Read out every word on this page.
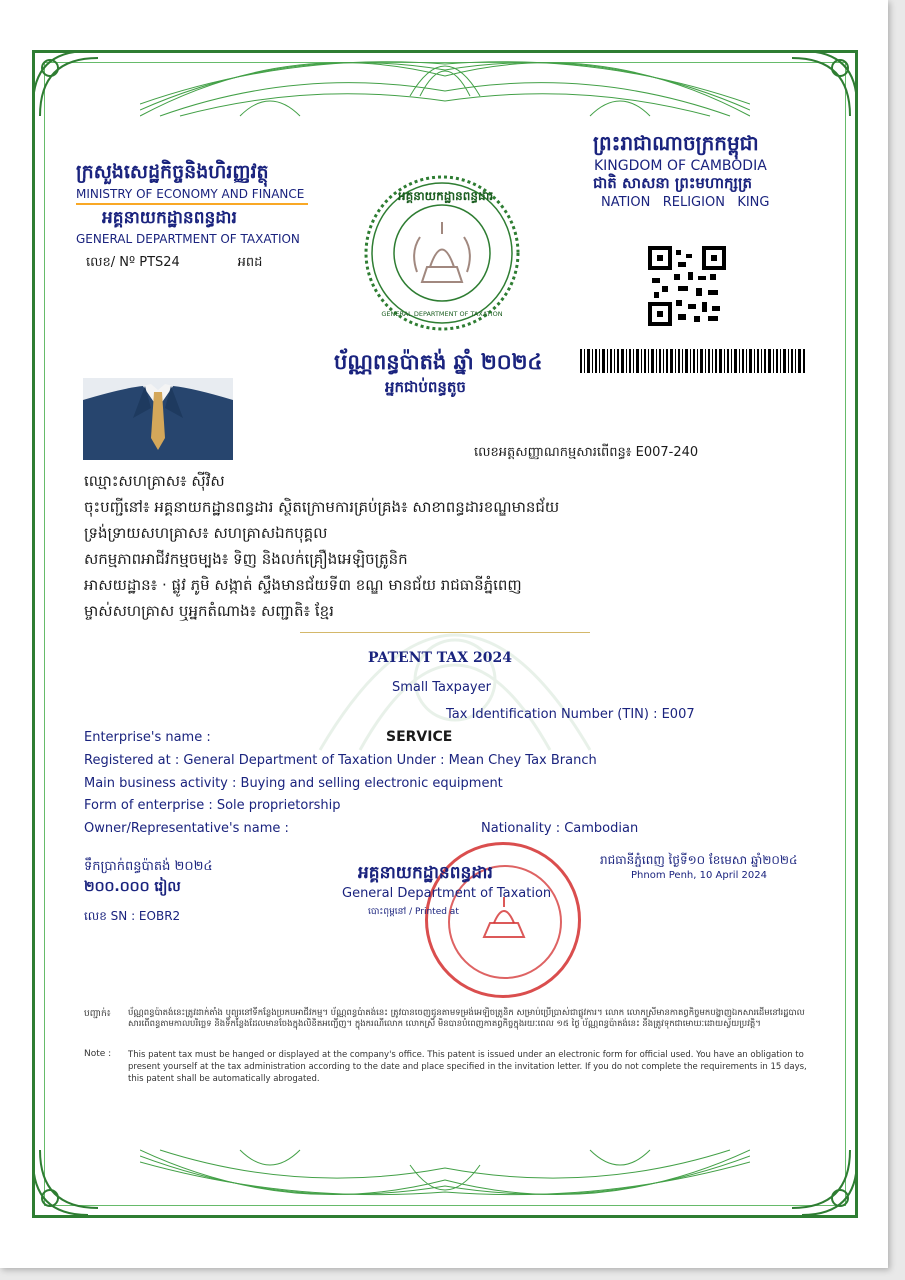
ក្រសួងសេដ្ឋកិច្ចនិងហិរញ្ញវត្ថុ
MINISTRY OF ECONOMY AND FINANCE
អគ្គនាយកដ្ឋានពន្ធដារ
GENERAL DEPARTMENT OF TAXATION
លេខ/ Nº PTS24              អពដ
ព្រះរាជាណាចក្រកម្ពុជា
KINGDOM OF CAMBODIA
ជាតិ សាសនា ព្រះមហាក្សត្រ
NATION   RELIGION   KING
អគ្គនាយកដ្ឋានពន្ធដារ
GENERAL DEPARTMENT OF TAXATION
ប័ណ្ណពន្ធប៉ាតង់ ឆ្នាំ ២០២៤
អ្នកជាប់ពន្ធតូច
លេខអត្តសញ្ញាណកម្មសារពើពន្ធ៖ E007-240
ឈ្មោះសហគ្រាស៖ ស៊ីវិស
ចុះបញ្ជីនៅ៖ អគ្គនាយកដ្ឋានពន្ធដារ ស្ថិតក្រោមការគ្រប់គ្រង៖ សាខាពន្ធដារខណ្ឌមានជ័យ
ទ្រង់ទ្រាយសហគ្រាស៖ សហគ្រាសឯកបុគ្គល
សកម្មភាពអាជីវកម្មចម្បង៖ ទិញ និងលក់គ្រឿងអេឡិចត្រូនិក
អាសយដ្ឋាន៖ · ផ្លូវ ភូមិ សង្កាត់ ស្ទឹងមានជ័យទី៣ ខណ្ឌ មានជ័យ រាជធានីភ្នំពេញ
ម្ចាស់សហគ្រាស ឬអ្នកតំណាង៖ សញ្ជាតិ៖ ខ្មែរ
PATENT TAX 2024
Small Taxpayer
Tax Identification Number (TIN) : E007
Enterprise's name :	SERVICE
Registered at : General Department of Taxation Under : Mean Chey Tax Branch
Main business activity : Buying and selling electronic equipment
Form of enterprise : Sole proprietorship
Owner/Representative's name :	Nationality : Cambodian
ទឹកប្រាក់ពន្ធប៉ាតង់ ២០២៤
២០០.០០០ រៀល
លេខ SN : EOBR2
រាជធានីភ្នំពេញ ថ្ងៃទី១០ ខែមេសា ឆ្នាំ២០២៤
Phnom Penh, 10 April 2024
អគ្គនាយកដ្ឋានពន្ធដារ
General Department of Taxation
បោះពុម្ពនៅ / Printed at
បញ្ជាក់៖ ប័ណ្ណពន្ធប៉ាតង់នេះត្រូវដាក់តាំង ឬព្យួរនៅទីកន្លែងប្រកបអាជីវកម្ម។ ប័ណ្ណពន្ធប៉ាតង់នេះ ត្រូវបានចេញជូនតាមទម្រង់អេឡិចត្រូនិក សម្រាប់ប្រើប្រាស់ជាផ្លូវការ។ លោក លោកស្រីមានកាតព្វកិច្ចមកបង្ហាញឯកសារដើមនៅរដ្ឋបាលសារពើពន្ធតាមកាលបរិច្ឆេទ និងទីកន្លែងដែលមានចែងក្នុងលិខិតអញ្ជើញ។ ក្នុងករណីលោក លោកស្រី មិនបានបំពេញកាតព្វកិច្ចក្នុងរយៈពេល ១៥ ថ្ងៃ ប័ណ្ណពន្ធប៉ាតង់នេះ នឹងត្រូវទុកជាមោឃៈដោយស្វ័យប្រវត្តិ។
Note : This patent tax must be hanged or displayed at the company's office. This patent is issued under an electronic form for official used. You have an obligation to present yourself at the tax administration according to the date and place specified in the invitation letter. If you do not complete the requirements in 15 days, this patent shall be automatically abrogated.
